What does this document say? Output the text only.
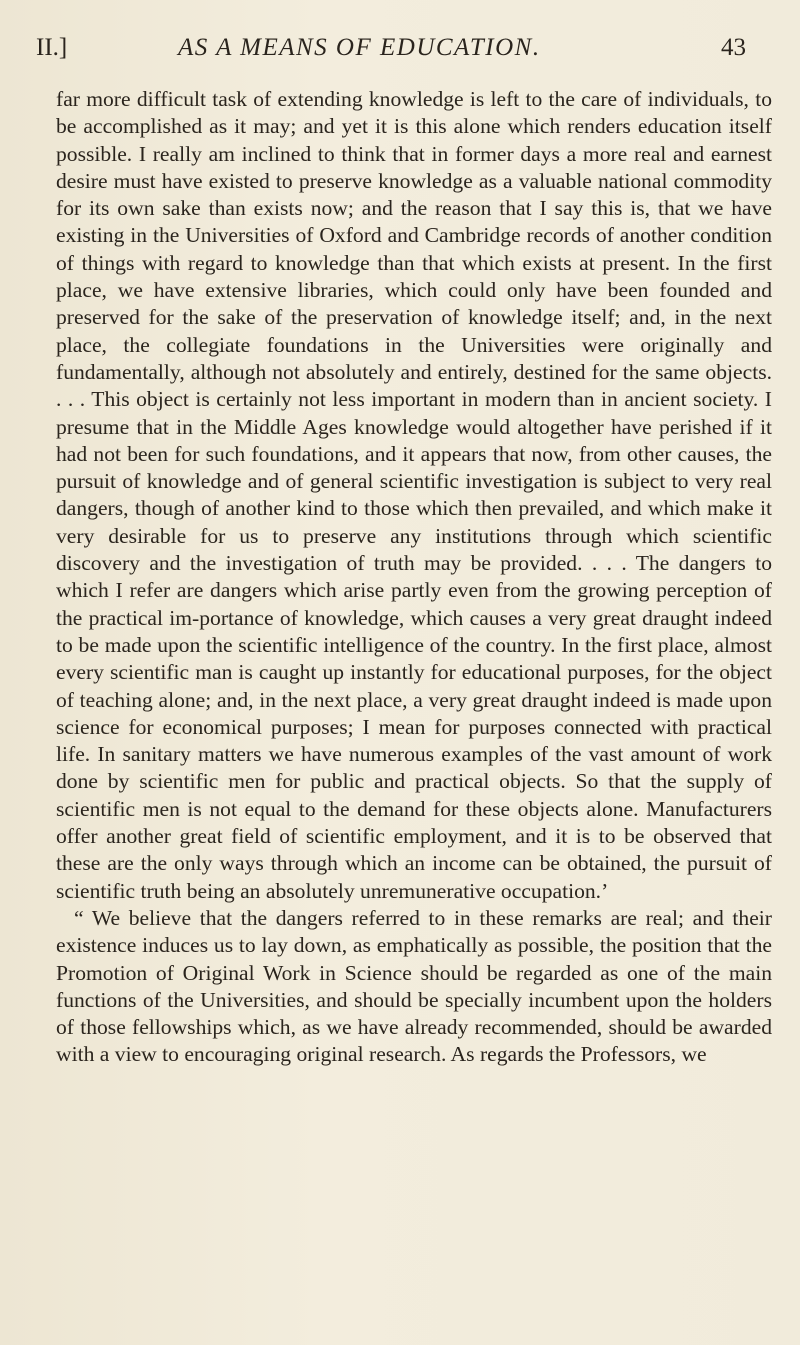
II.]	AS A MEANS OF EDUCATION.	43

far more difficult task of extending knowledge is left to the care of individuals, to be accomplished as it may; and yet it is this alone which renders education itself possible. I really am inclined to think that in former days a more real and earnest desire must have existed to preserve knowledge as a valuable national commodity for its own sake than exists now; and the reason that I say this is, that we have existing in the Universities of Oxford and Cambridge records of another condition of things with regard to knowledge than that which exists at present. In the first place, we have extensive libraries, which could only have been founded and preserved for the sake of the preservation of knowledge itself; and, in the next place, the collegiate foundations in the Universities were originally and fundamentally, although not absolutely and entirely, destined for the same objects. . . . This object is certainly not less important in modern than in ancient society. I presume that in the Middle Ages knowledge would altogether have perished if it had not been for such foundations, and it appears that now, from other causes, the pursuit of knowledge and of general scientific investigation is subject to very real dangers, though of another kind to those which then prevailed, and which make it very desirable for us to preserve any institutions through which scientific discovery and the investigation of truth may be provided. . . . The dangers to which I refer are dangers which arise partly even from the growing perception of the practical im-portance of knowledge, which causes a very great draught indeed to be made upon the scientific intelligence of the country. In the first place, almost every scientific man is caught up instantly for educational purposes, for the object of teaching alone; and, in the next place, a very great draught indeed is made upon science for economical purposes; I mean for purposes connected with practical life. In sanitary matters we have numerous examples of the vast amount of work done by scientific men for public and practical objects. So that the supply of scientific men is not equal to the demand for these objects alone. Manufacturers offer another great field of scientific employment, and it is to be observed that these are the only ways through which an income can be obtained, the pursuit of scientific truth being an absolutely unremunerative occupation.’

“ We believe that the dangers referred to in these remarks are real; and their existence induces us to lay down, as emphatically as possible, the position that the Promotion of Original Work in Science should be regarded as one of the main functions of the Universities, and should be specially incumbent upon the holders of those fellowships which, as we have already recommended, should be awarded with a view to encouraging original research. As regards the Professors, we
